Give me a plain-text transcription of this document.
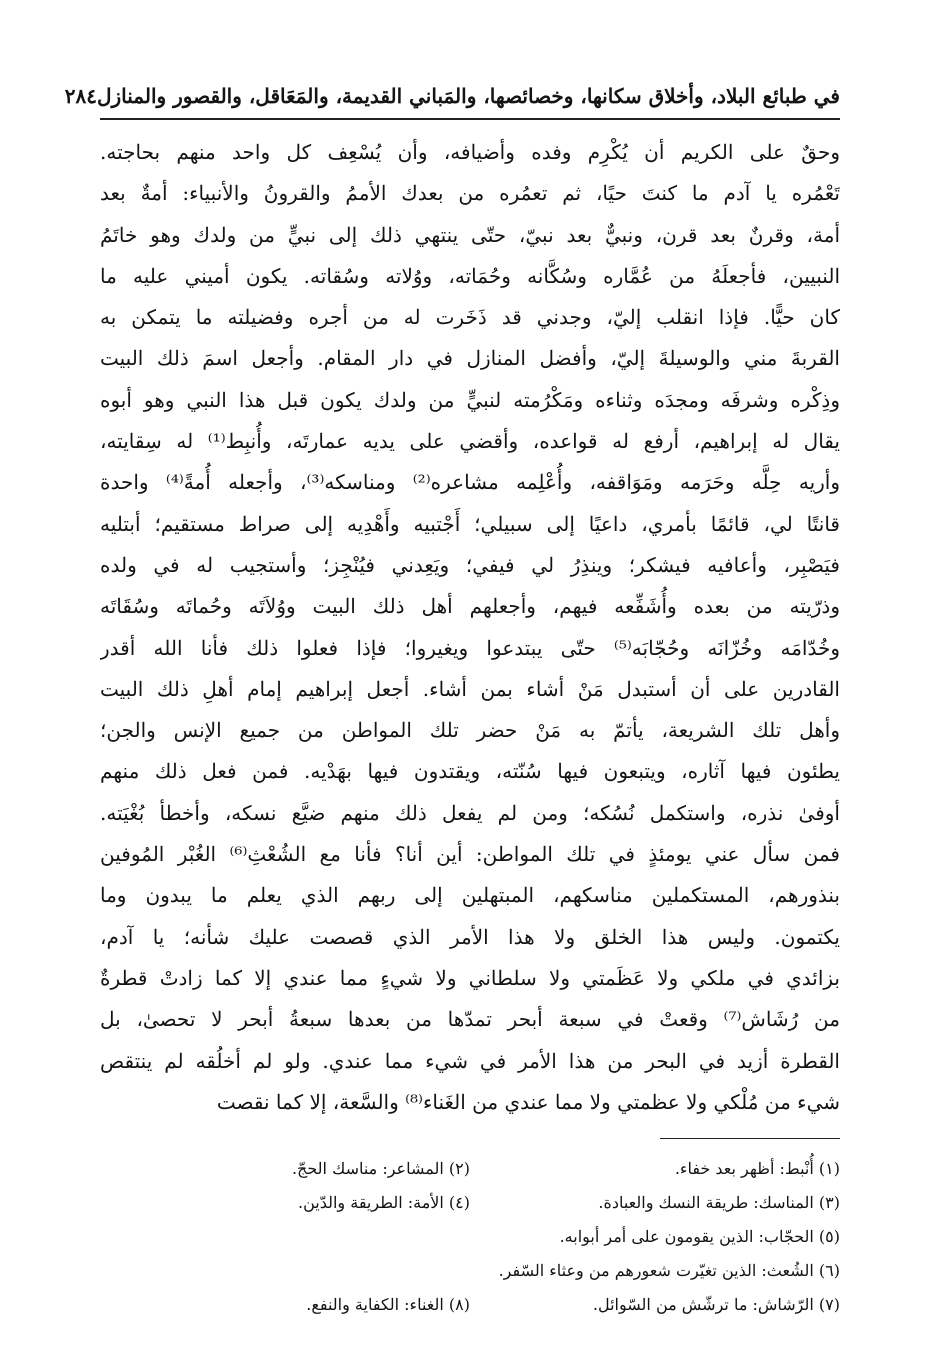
في طبائع البلاد، وأخلاق سكانها، وخصائصها، والمَباني القديمة، والمَعَاقل، والقصور والمنازل
٢٨٤
وحقٌ على الكريم أن يُكْرِم وفده وأضيافه، وأن يُسْعِف كل واحد منهم بحاجته.
تَعْمُره يا آدم ما كنتَ حيًا، ثم تعمُره من بعدك الأممُ والقرونُ والأنبياء: أمةٌ بعد
أمة، وقرنٌ بعد قرن، ونبيٌّ بعد نبيّ، حتّى ينتهي ذلك إلى نبيٍّ من ولدك وهو خاتَمُ
النبيين، فأجعلَهُ من عُمَّاره وسُكَّانه وحُمَاته، ووُلاته وسُقاته. يكون أميني عليه ما
كان حيًّا. فإذا انقلب إليّ، وجدني قد ذَخَرت له من أجره وفضيلته ما يتمكن به
القربةَ مني والوسيلةَ إليّ، وأفضل المنازل في دار المقام. وأجعل اسمَ ذلك البيت
وذِكْره وشرفَه ومجدَه وثناءه ومَكْرُمته لنبيٍّ من ولدك يكون قبل هذا النبي وهو أبوه
يقال له إبراهيم، أرفع له قواعده، وأقضي على يديه عمارتَه، وأُنبِط⁽¹⁾ له سِقايته،
وأريه حِلَّه وحَرَمه ومَوَاقفه، وأُعْلِمه مشاعره⁽²⁾ ومناسكه⁽³⁾، وأجعله أُمةً⁽⁴⁾ واحدة
قانتًا لي، قائمًا بأمري، داعيًا إلى سبيلي؛ أَجْتبيه وأَهْدِيه إلى صراط مستقيم؛ أبتليه
فيَصْبِر، وأعافيه فيشكر؛ وينذِرُ لي فيفي؛ ويَعِدني فيُنْجِز؛ وأستجيب له في ولده
وذرّيته من بعده وأُشَفِّعه فيهم، وأجعلهم أهل ذلك البيت ووُلاَتَه وحُماتَه وسُقَاتَه
وخُدّامَه وخُزّانَه وحُجّابَه⁽⁵⁾ حتّى يبتدعوا ويغيروا؛ فإذا فعلوا ذلك فأنا الله أقدر
القادرين على أن أستبدل مَنْ أشاء بمن أشاء. أجعل إبراهيم إمام أهلِ ذلك البيت
وأهل تلك الشريعة، يأتمّ به مَنْ حضر تلك المواطن من جميع الإنس والجن؛
يطئون فيها آثاره، ويتبعون فيها سُنّته، ويقتدون فيها بهَدْيه. فمن فعل ذلك منهم
أوفىٰ نذره، واستكمل نُسُكه؛ ومن لم يفعل ذلك منهم ضيَّع نسكه، وأخطأ بُغْيَته.
فمن سأل عني يومئذٍ في تلك المواطن: أين أنا؟ فأنا مع الشُعْثِ⁽⁶⁾ الغُبْر المُوفين
بنذورهم، المستكملين مناسكهم، المبتهلين إلى ربهم الذي يعلم ما يبدون وما
يكتمون. وليس هذا الخلق ولا هذا الأمر الذي قصصت عليك شأنه؛ يا آدم،
بزائدي في ملكي ولا عَظَمتي ولا سلطاني ولا شيءٍ مما عندي إلا كما زادتْ قطرةٌ
من رُشَاش⁽⁷⁾ وقعتْ في سبعة أبحر تمدّها من بعدها سبعةُ أبحر لا تحصىٰ، بل
القطرة أزيد في البحر من هذا الأمر في شيء مما عندي. ولو لم أخلُقه لم ينتقص
شيء من مُلْكي ولا عظمتي ولا مما عندي من الغَناء⁽⁸⁾ والسَّعة، إلا كما نقصت
(١) أُنْبط: أظهر بعد خفاء.
(٢) المشاعر: مناسك الحجّ.
(٣) المناسك: طريقة النسك والعبادة.
(٤) الأمة: الطريقة والدّين.
(٥) الحجّاب: الذين يقومون على أمر أبوابه.
(٦) الشُعث: الذين تغيّرت شعورهم من وعثاء السّفر.
(٧) الرّشاش: ما ترشّش من السّوائل.
(٨) الغناء: الكفاية والنفع.
